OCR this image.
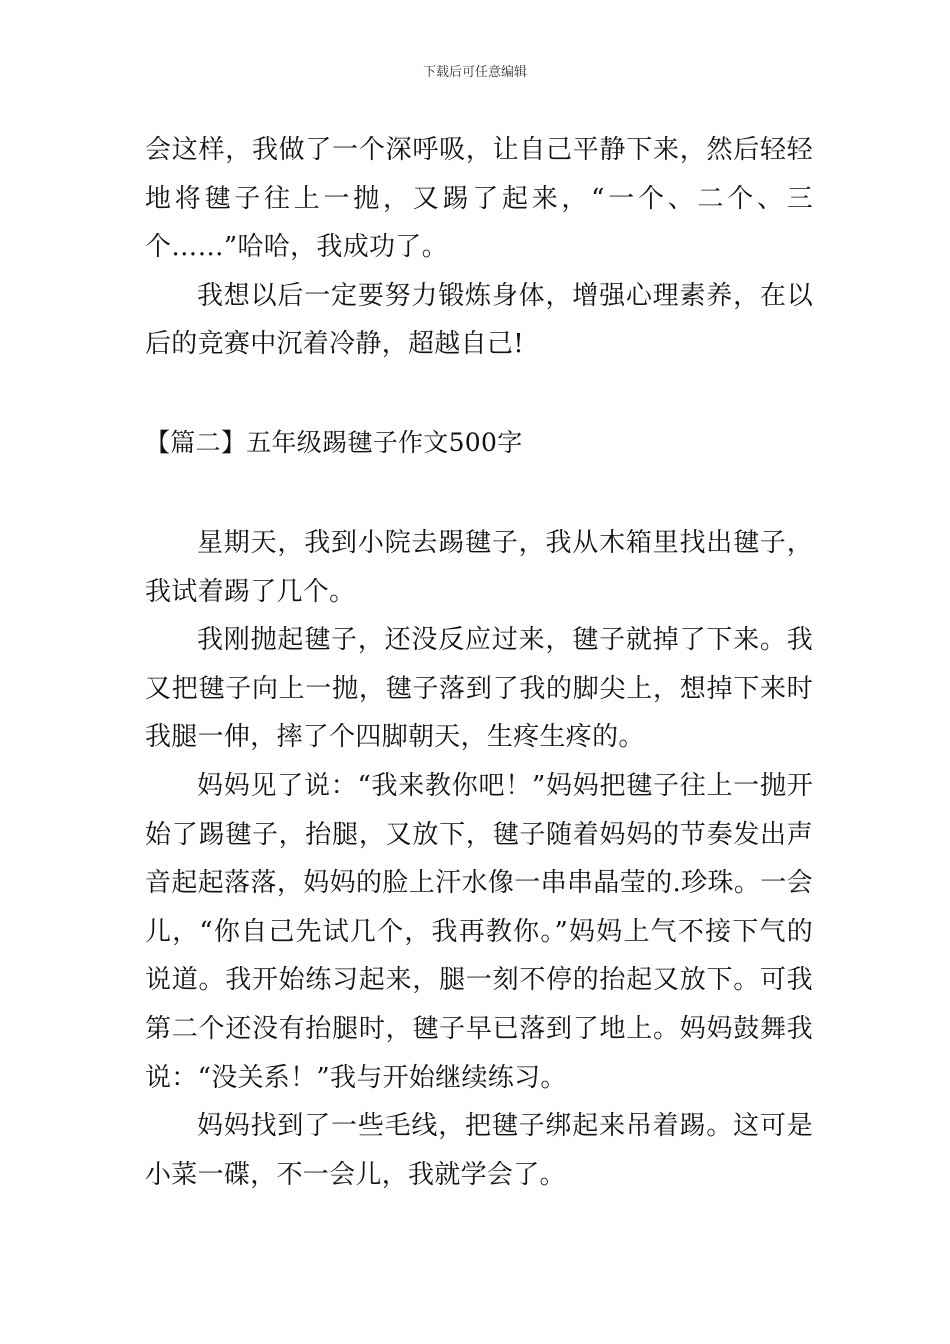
下载后可任意编辑

会这样，我做了一个深呼吸，让自己平静下来，然后轻轻地将毽子往上一抛，又踢了起来，“一个、二个、三个……”哈哈，我成功了。

我想以后一定要努力锻炼身体，增强心理素养，在以后的竞赛中沉着冷静，超越自己!

【篇二】五年级踢毽子作文500字

星期天，我到小院去踢毽子，我从木箱里找出毽子，我试着踢了几个。

我刚抛起毽子，还没反应过来，毽子就掉了下来。我又把毽子向上一抛，毽子落到了我的脚尖上，想掉下来时我腿一伸，摔了个四脚朝天，生疼生疼的。

妈妈见了说：“我来教你吧！”妈妈把毽子往上一抛开始了踢毽子，抬腿，又放下，毽子随着妈妈的节奏发出声音起起落落，妈妈的脸上汗水像一串串晶莹的.珍珠。一会儿，“你自己先试几个，我再教你。”妈妈上气不接下气的说道。我开始练习起来，腿一刻不停的抬起又放下。可我第二个还没有抬腿时，毽子早已落到了地上。妈妈鼓舞我说：“没关系！”我与开始继续练习。

妈妈找到了一些毛线，把毽子绑起来吊着踢。这可是小菜一碟，不一会儿，我就学会了。
